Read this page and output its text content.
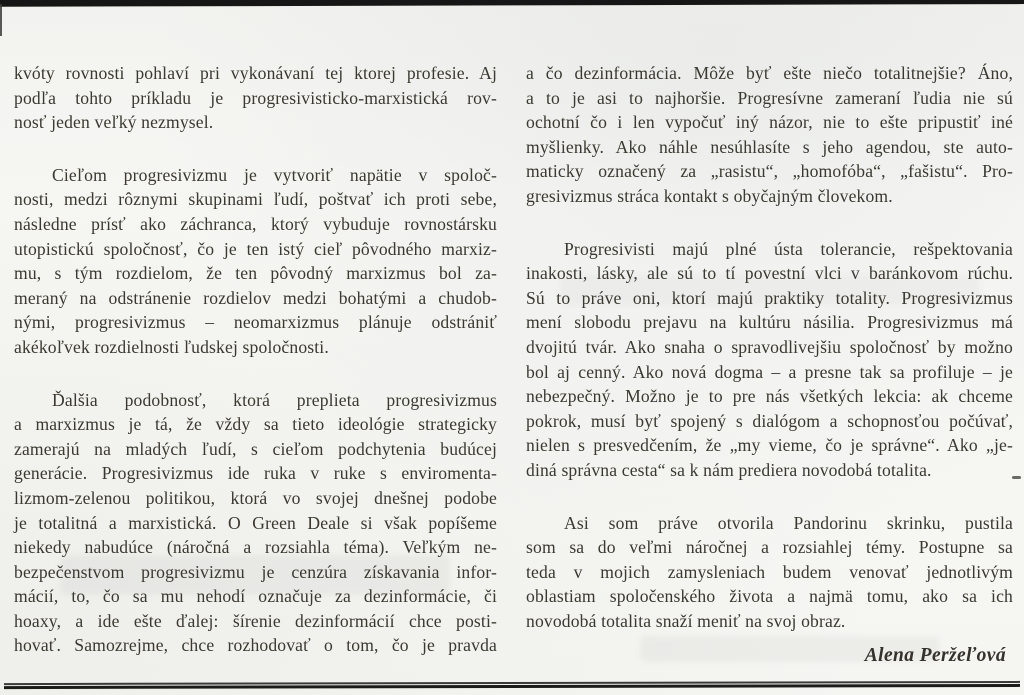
kvóty rovnosti pohlaví pri vykonávaní tej ktorej profesie. Aj
podľa tohto príkladu je progresivisticko-marxistická rov-
nosť jeden veľký nezmysel.
Cieľom progresivizmu je vytvoriť napätie v spoloč-
nosti, medzi rôznymi skupinami ľudí, poštvať ich proti sebe,
následne prísť ako záchranca, ktorý vybuduje rovnostársku
utopistickú spoločnosť, čo je ten istý cieľ pôvodného marxiz-
mu, s tým rozdielom, že ten pôvodný marxizmus bol za-
meraný na odstránenie rozdielov medzi bohatými a chudob-
nými, progresivizmus – neomarxizmus plánuje odstrániť
akékoľvek rozdielnosti ľudskej spoločnosti.
Ďalšia podobnosť, ktorá preplieta progresivizmus
a marxizmus je tá, že vždy sa tieto ideológie strategicky
zamerajú na mladých ľudí, s cieľom podchytenia budúcej
generácie. Progresivizmus ide ruka v ruke s enviromenta-
lizmom-zelenou politikou, ktorá vo svojej dnešnej podobe
je totalitná a marxistická. O Green Deale si však popíšeme
niekedy nabudúce (náročná a rozsiahla téma). Veľkým ne-
bezpečenstvom progresivizmu je cenzúra získavania infor-
mácií, to, čo sa mu nehodí označuje za dezinformácie, či
hoaxy, a ide ešte ďalej: šírenie dezinformácií chce posti-
hovať. Samozrejme, chce rozhodovať o tom, čo je pravda
a čo dezinformácia. Môže byť ešte niečo totalitnejšie? Áno,
a to je asi to najhoršie. Progresívne zameraní ľudia nie sú
ochotní čo i len vypočuť iný názor, nie to ešte pripustiť iné
myšlienky. Ako náhle nesúhlasíte s jeho agendou, ste auto-
maticky označený za „rasistu“, „homofóba“, „fašistu“. Pro-
gresivizmus stráca kontakt s obyčajným človekom.
Progresivisti majú plné ústa tolerancie, rešpektovania
inakosti, lásky, ale sú to tí povestní vlci v baránkovom rúchu.
Sú to práve oni, ktorí majú praktiky totality. Progresivizmus
mení slobodu prejavu na kultúru násilia. Progresivizmus má
dvojitú tvár. Ako snaha o spravodlivejšiu spoločnosť by možno
bol aj cenný. Ako nová dogma – a presne tak sa profiluje – je
nebezpečný. Možno je to pre nás všetkých lekcia: ak chceme
pokrok, musí byť spojený s dialógom a schopnosťou počúvať,
nielen s presvedčením, že „my vieme, čo je správne“. Ako „je-
diná správna cesta“ sa k nám prediera novodobá totalita.
Asi som práve otvorila Pandorinu skrinku, pustila
som sa do veľmi náročnej a rozsiahlej témy. Postupne sa
teda v mojich zamysleniach budem venovať jednotlivým
oblastiam spoločenského života a najmä tomu, ako sa ich
novodobá totalita snaží meniť na svoj obraz.
Alena Peržeľová
